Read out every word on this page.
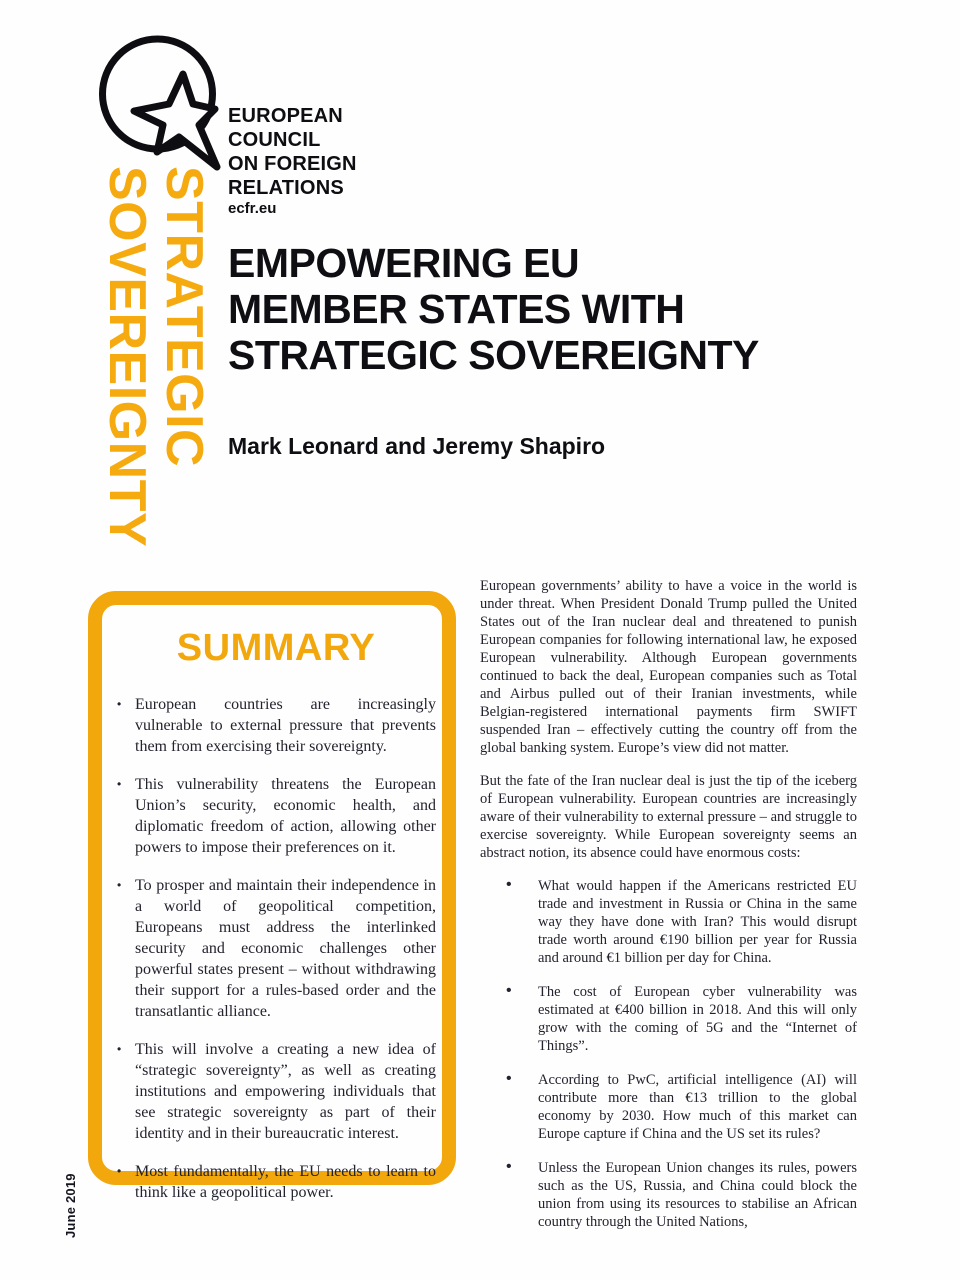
EUROPEAN
COUNCIL
ON FOREIGN
RELATIONS
ecfr.eu
STRATEGIC
SOVEREIGNTY
June 2019
EMPOWERING EU
MEMBER STATES WITH
STRATEGIC SOVEREIGNTY
Mark Leonard and Jeremy Shapiro
SUMMARY
• European countries are increasingly vulnerable to external pressure that prevents them from exercising their sovereignty.
• This vulnerability threatens the European Union’s security, economic health, and diplomatic freedom of action, allowing other powers to impose their preferences on it.
• To prosper and maintain their independence in a world of geopolitical competition, Europeans must address the interlinked security and economic challenges other powerful states present – without withdrawing their support for a rules-based order and the transatlantic alliance.
• This will involve a creating a new idea of “strategic sovereignty”, as well as creating institutions and empowering individuals that see strategic sovereignty as part of their identity and in their bureaucratic interest.
• Most fundamentally, the EU needs to learn to think like a geopolitical power.

European governments’ ability to have a voice in the world is under threat. When President Donald Trump pulled the United States out of the Iran nuclear deal and threatened to punish European companies for following international law, he exposed European vulnerability. Although European governments continued to back the deal, European companies such as Total and Airbus pulled out of their Iranian investments, while Belgian-registered international payments firm SWIFT suspended Iran – effectively cutting the country off from the global banking system. Europe’s view did not matter.

But the fate of the Iran nuclear deal is just the tip of the iceberg of European vulnerability. European countries are increasingly aware of their vulnerability to external pressure – and struggle to exercise sovereignty. While European sovereignty seems an abstract notion, its absence could have enormous costs:

• What would happen if the Americans restricted EU trade and investment in Russia or China in the same way they have done with Iran? This would disrupt trade worth around €190 billion per year for Russia and around €1 billion per day for China.
• The cost of European cyber vulnerability was estimated at €400 billion in 2018. And this will only grow with the coming of 5G and the “Internet of Things”.
• According to PwC, artificial intelligence (AI) will contribute more than €13 trillion to the global economy by 2030. How much of this market can Europe capture if China and the US set its rules?
• Unless the European Union changes its rules, powers such as the US, Russia, and China could block the union from using its resources to stabilise an African country through the United Nations,
